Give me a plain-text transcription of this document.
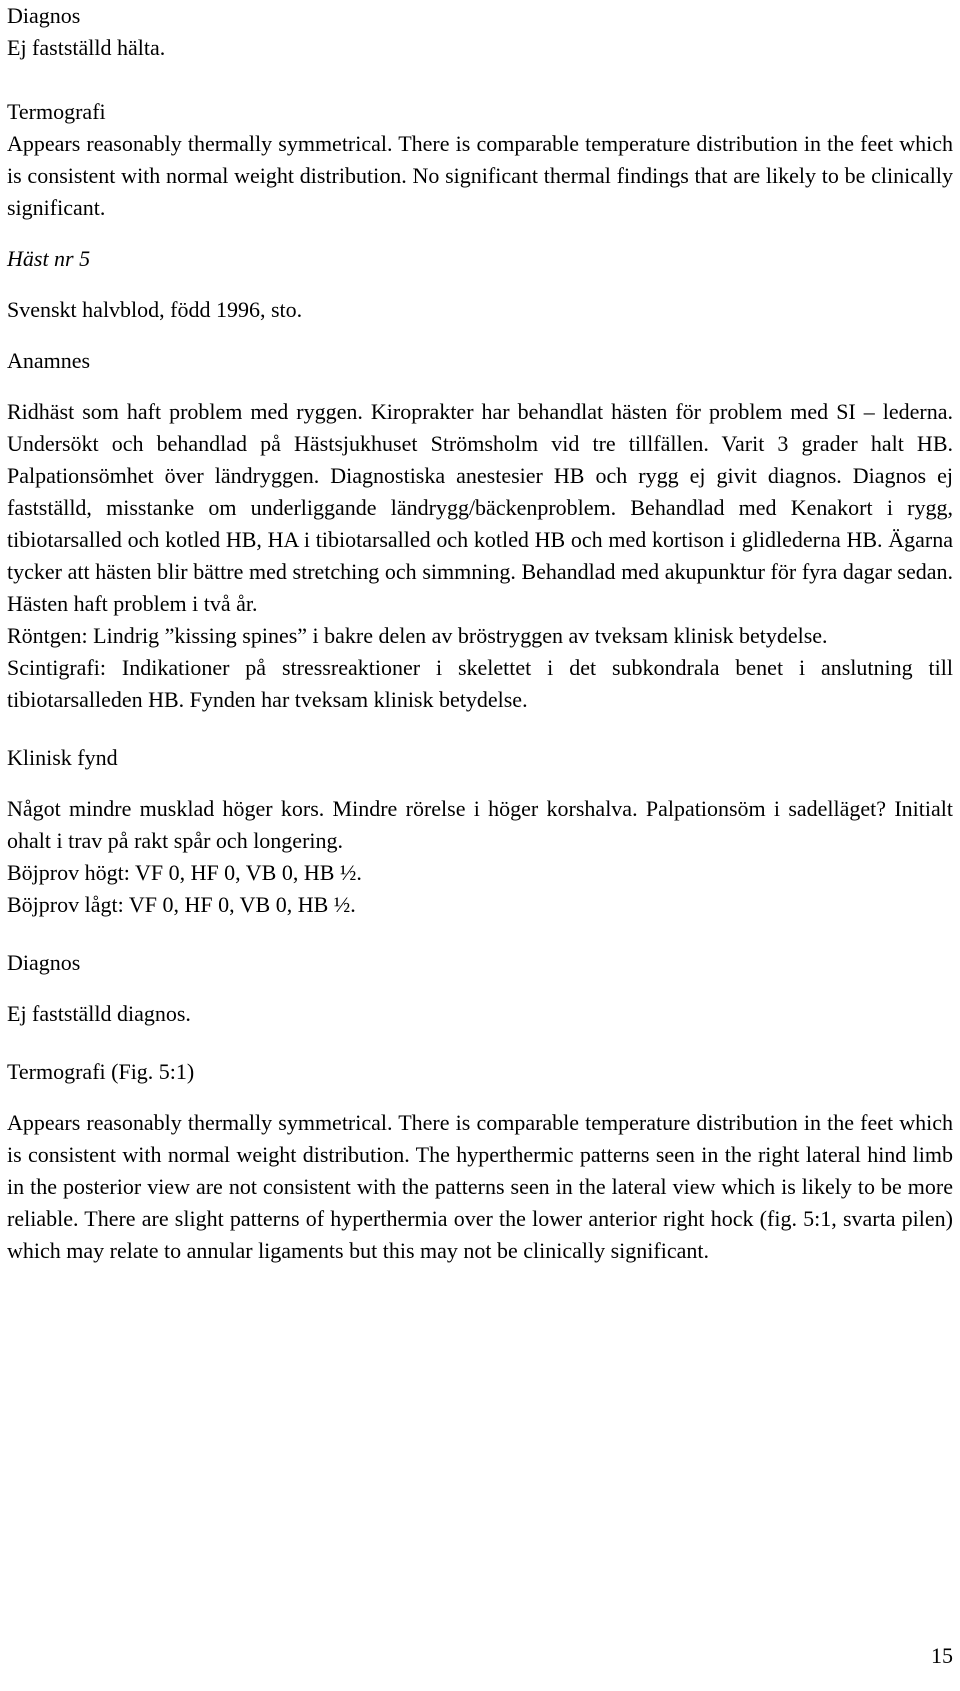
Diagnos

Ej fastställd hälta.

Termografi

Appears reasonably thermally symmetrical. There is comparable temperature distribution in the feet which is consistent with normal weight distribution. No significant thermal findings that are likely to be clinically significant.

Häst nr 5

Svenskt halvblod, född 1996, sto.

Anamnes

Ridhäst som haft problem med ryggen. Kiroprakter har behandlat hästen för problem med SI – lederna. Undersökt och behandlad på Hästsjukhuset Strömsholm vid tre tillfällen. Varit 3 grader halt HB. Palpationsömhet över ländryggen. Diagnostiska anestesier HB och rygg ej givit diagnos. Diagnos ej fastställd, misstanke om underliggande ländrygg/bäckenproblem. Behandlad med Kenakort i rygg, tibiotarsalled och kotled HB, HA i tibiotarsalled och kotled HB och med kortison i glidlederna HB. Ägarna tycker att hästen blir bättre med stretching och simmning. Behandlad med akupunktur för fyra dagar sedan. Hästen haft problem i två år.

Röntgen: Lindrig ”kissing spines” i bakre delen av bröstryggen av tveksam klinisk betydelse.

Scintigrafi: Indikationer på stressreaktioner i skelettet i det subkondrala benet i anslutning till tibiotarsalleden HB. Fynden har tveksam klinisk betydelse.

Klinisk fynd

Något mindre musklad höger kors. Mindre rörelse i höger korshalva. Palpationsöm i sadelläget? Initialt ohalt i trav på rakt spår och longering.

Böjprov högt: VF 0, HF 0, VB 0, HB ½.

Böjprov lågt: VF 0, HF 0, VB 0, HB ½.

Diagnos

Ej fastställd diagnos.

Termografi (Fig. 5:1)

Appears reasonably thermally symmetrical. There is comparable temperature distribution in the feet which is consistent with normal weight distribution. The hyperthermic patterns seen in the right lateral hind limb in the posterior view are not consistent with the patterns seen in the lateral view which is likely to be more reliable. There are slight patterns of hyperthermia over the lower anterior right hock (fig. 5:1, svarta pilen) which may relate to annular ligaments but this may not be clinically significant.

15
